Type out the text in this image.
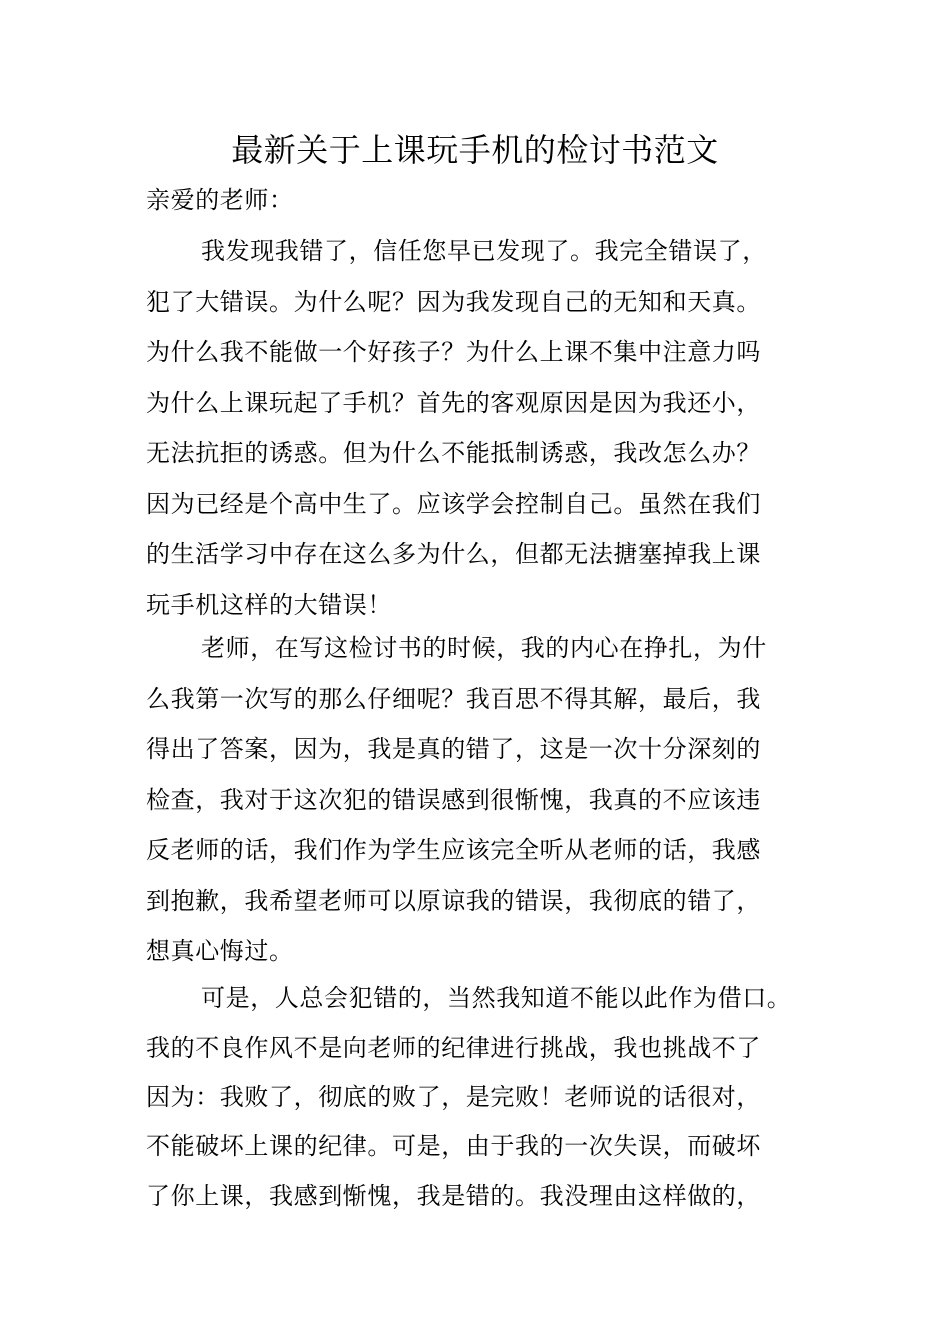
最新关于上课玩手机的检讨书范文
亲爱的老师：
我发现我错了，信任您早已发现了。我完全错误了，
犯了大错误。为什么呢？因为我发现自己的无知和天真。
为什么我不能做一个好孩子？为什么上课不集中注意力吗
为什么上课玩起了手机？首先的客观原因是因为我还小，
无法抗拒的诱惑。但为什么不能抵制诱惑，我改怎么办？
因为已经是个高中生了。应该学会控制自己。虽然在我们
的生活学习中存在这么多为什么，但都无法搪塞掉我上课
玩手机这样的大错误！
老师，在写这检讨书的时候，我的内心在挣扎，为什
么我第一次写的那么仔细呢？我百思不得其解，最后，我
得出了答案，因为，我是真的错了，这是一次十分深刻的
检查，我对于这次犯的错误感到很惭愧，我真的不应该违
反老师的话，我们作为学生应该完全听从老师的话，我感
到抱歉，我希望老师可以原谅我的错误，我彻底的错了，
想真心悔过。
可是，人总会犯错的，当然我知道不能以此作为借口。
我的不良作风不是向老师的纪律进行挑战，我也挑战不了
因为：我败了，彻底的败了，是完败！老师说的话很对，
不能破坏上课的纪律。可是，由于我的一次失误，而破坏
了你上课，我感到惭愧，我是错的。我没理由这样做的，
